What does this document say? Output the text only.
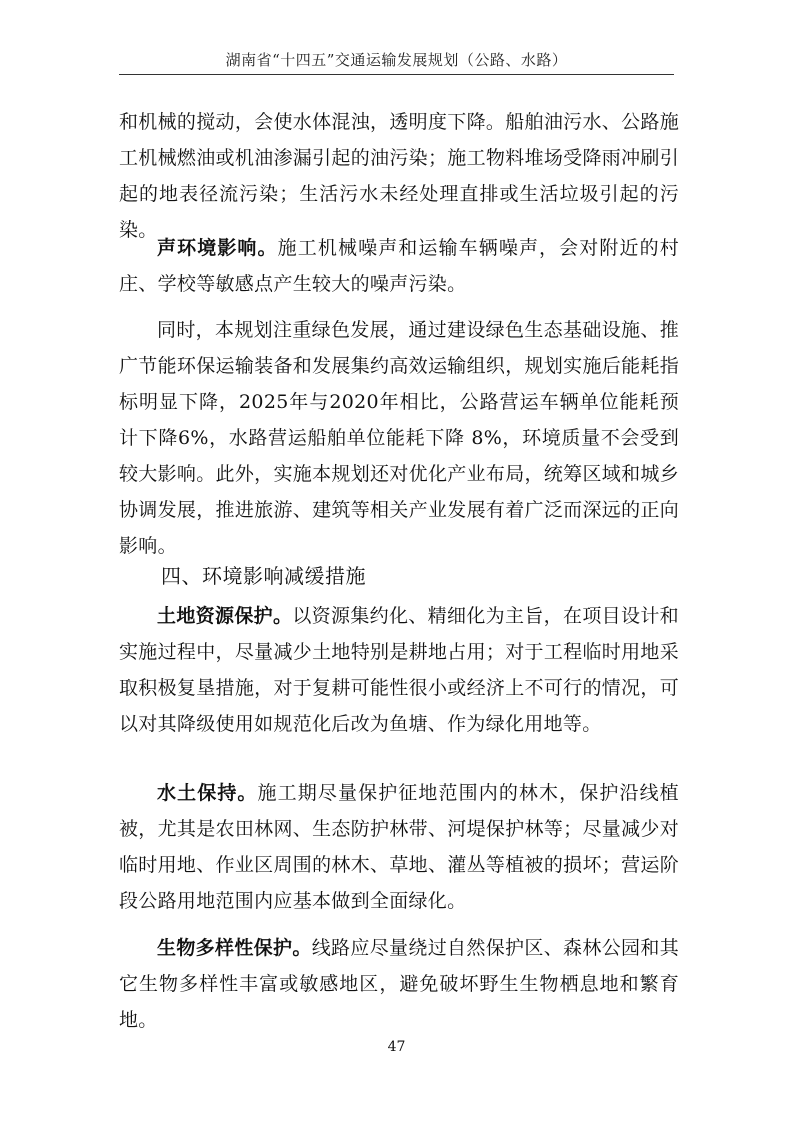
湖南省“十四五”交通运输发展规划（公路、水路）

和机械的搅动，会使水体混浊，透明度下降。船舶油污水、公路施工机械燃油或机油渗漏引起的油污染；施工物料堆场受降雨冲刷引起的地表径流污染；生活污水未经处理直排或生活垃圾引起的污染。

声环境影响。施工机械噪声和运输车辆噪声，会对附近的村庄、学校等敏感点产生较大的噪声污染。

同时，本规划注重绿色发展，通过建设绿色生态基础设施、推广节能环保运输装备和发展集约高效运输组织，规划实施后能耗指标明显下降，2025年与2020年相比，公路营运车辆单位能耗预计下降6%，水路营运船舶单位能耗下降 8%，环境质量不会受到较大影响。此外，实施本规划还对优化产业布局，统筹区域和城乡协调发展，推进旅游、建筑等相关产业发展有着广泛而深远的正向影响。

四、环境影响减缓措施

土地资源保护。以资源集约化、精细化为主旨，在项目设计和实施过程中，尽量减少土地特别是耕地占用；对于工程临时用地采取积极复垦措施，对于复耕可能性很小或经济上不可行的情况，可以对其降级使用如规范化后改为鱼塘、作为绿化用地等。

水土保持。施工期尽量保护征地范围内的林木，保护沿线植被，尤其是农田林网、生态防护林带、河堤保护林等；尽量减少对临时用地、作业区周围的林木、草地、灌丛等植被的损坏；营运阶段公路用地范围内应基本做到全面绿化。

生物多样性保护。线路应尽量绕过自然保护区、森林公园和其它生物多样性丰富或敏感地区，避免破坏野生生物栖息地和繁育地。

47
